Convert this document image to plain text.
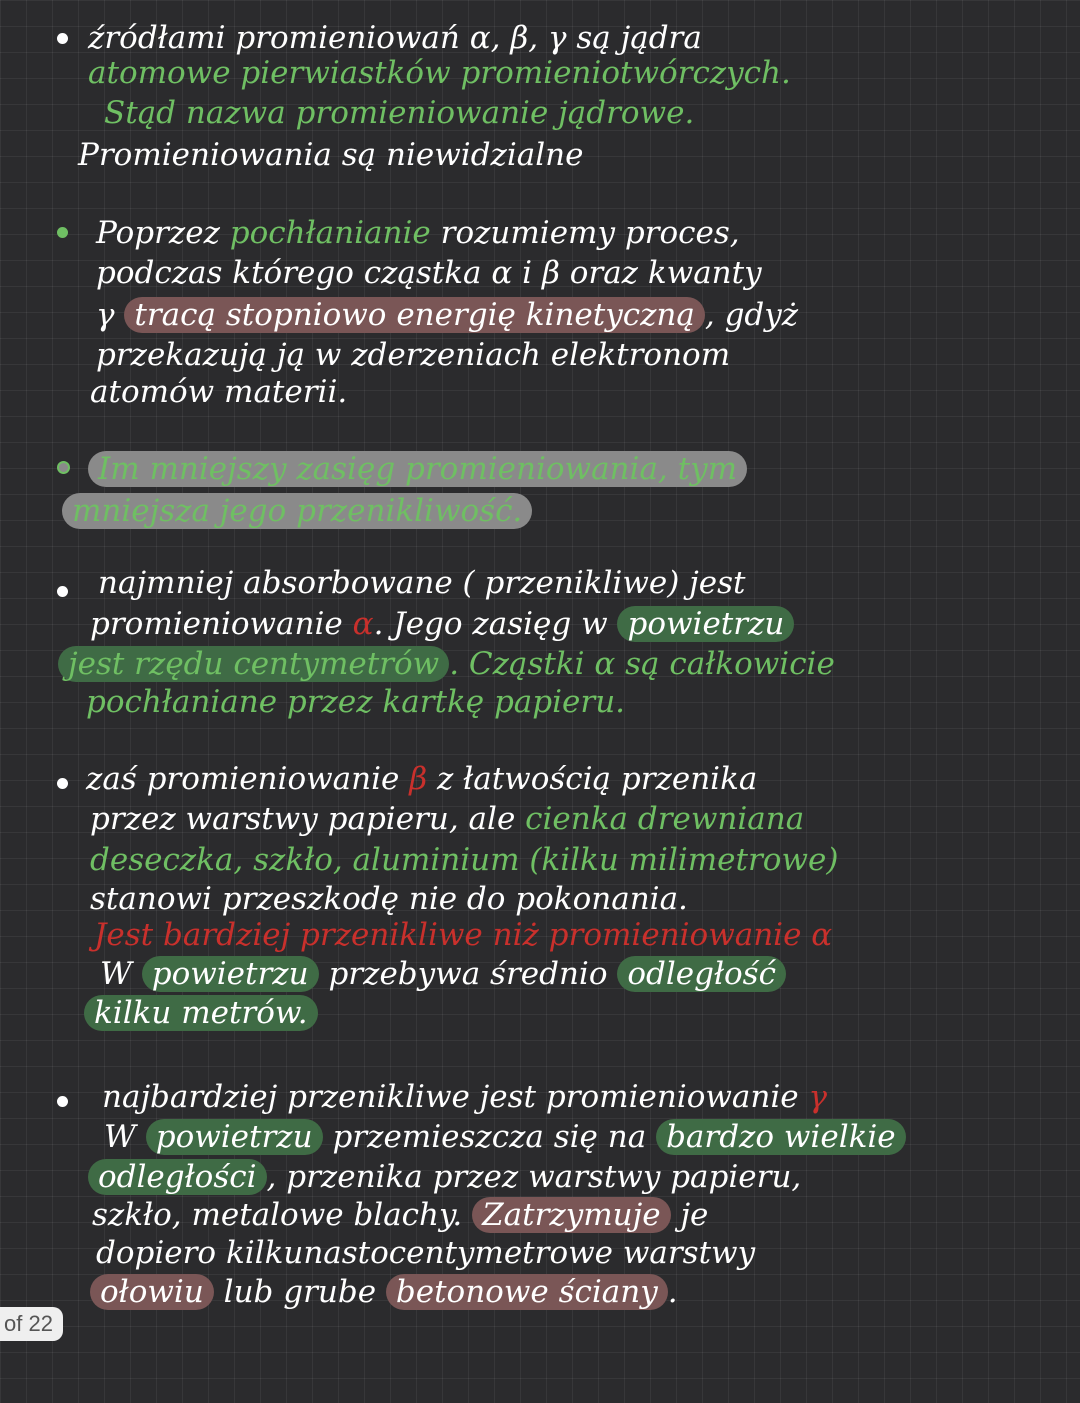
źródłami promieniowań α, β, γ są jądra
atomowe pierwiastków promieniotwórczych.
Stąd nazwa promieniowanie jądrowe.
Promieniowania są niewidzialne
Poprzez pochłanianie rozumiemy proces,
podczas którego cząstka α i β oraz kwanty
γ tracą stopniowo energię kinetyczną , gdyż
przekazują ją w zderzeniach elektronom
atomów materii.
Im mniejszy zasięg promieniowania, tym
mniejsza jego przenikliwość.
najmniej absorbowane ( przenikliwe) jest
promieniowanie α. Jego zasięg w powietrzu
jest rzędu centymetrów . Cząstki α są całkowicie
pochłaniane przez kartkę papieru.
zaś promieniowanie β z łatwością przenika
przez warstwy papieru, ale cienka drewniana
deseczka, szkło, aluminium (kilku milimetrowe)
stanowi przeszkodę nie do pokonania.
Jest bardziej przenikliwe niż promieniowanie α
W powietrzu przebywa średnio odległość
kilku metrów.
najbardziej przenikliwe jest promieniowanie γ
W powietrzu przemieszcza się na bardzo wielkie
odległości , przenika przez warstwy papieru,
szkło, metalowe blachy. Zatrzymuje je
dopiero kilkunastocentymetrowe warstwy
ołowiu lub grube betonowe ściany .
of 22
